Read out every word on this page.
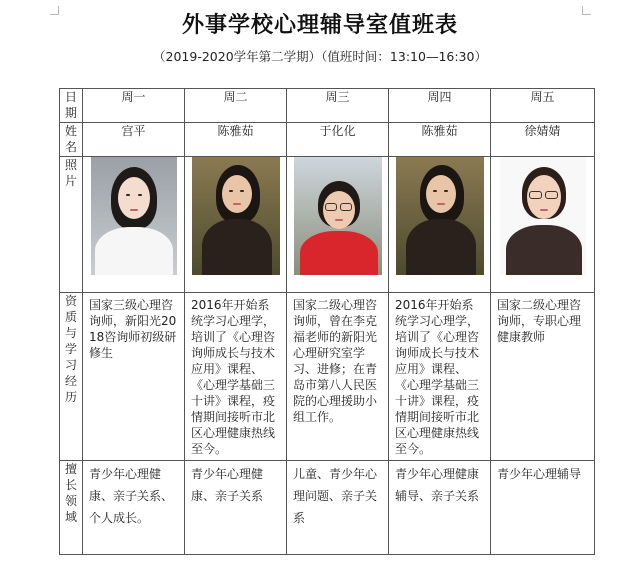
外事学校心理辅导室值班表
（2019-2020学年第二学期）（值班时间：13:10—16:30）
日期	周一	周二	周三	周四	周五

姓名	宫平	陈雅茹	于化化	陈雅茹	徐婧婧

照片					

资质与学习经历	国家三级心理咨询师，新阳光2018咨询师初级研修生	2016年开始系统学习心理学，培训了《心理咨询师成长与技术应用》课程、《心理学基础三十讲》课程，疫情期间接听市北区心理健康热线至今。	国家二级心理咨询师，曾在李克福老师的新阳光心理研究室学习、进修；在青岛市第八人民医院的心理援助小组工作。	2016年开始系统学习心理学，培训了《心理咨询师成长与技术应用》课程、《心理学基础三十讲》课程，疫情期间接听市北区心理健康热线至今。	国家二级心理咨询师，专职心理健康教师

擅长领域	青少年心理健康、亲子关系、个人成长。	青少年心理健康、亲子关系	儿童、青少年心理问题、亲子关系	青少年心理健康辅导、亲子关系	青少年心理辅导
